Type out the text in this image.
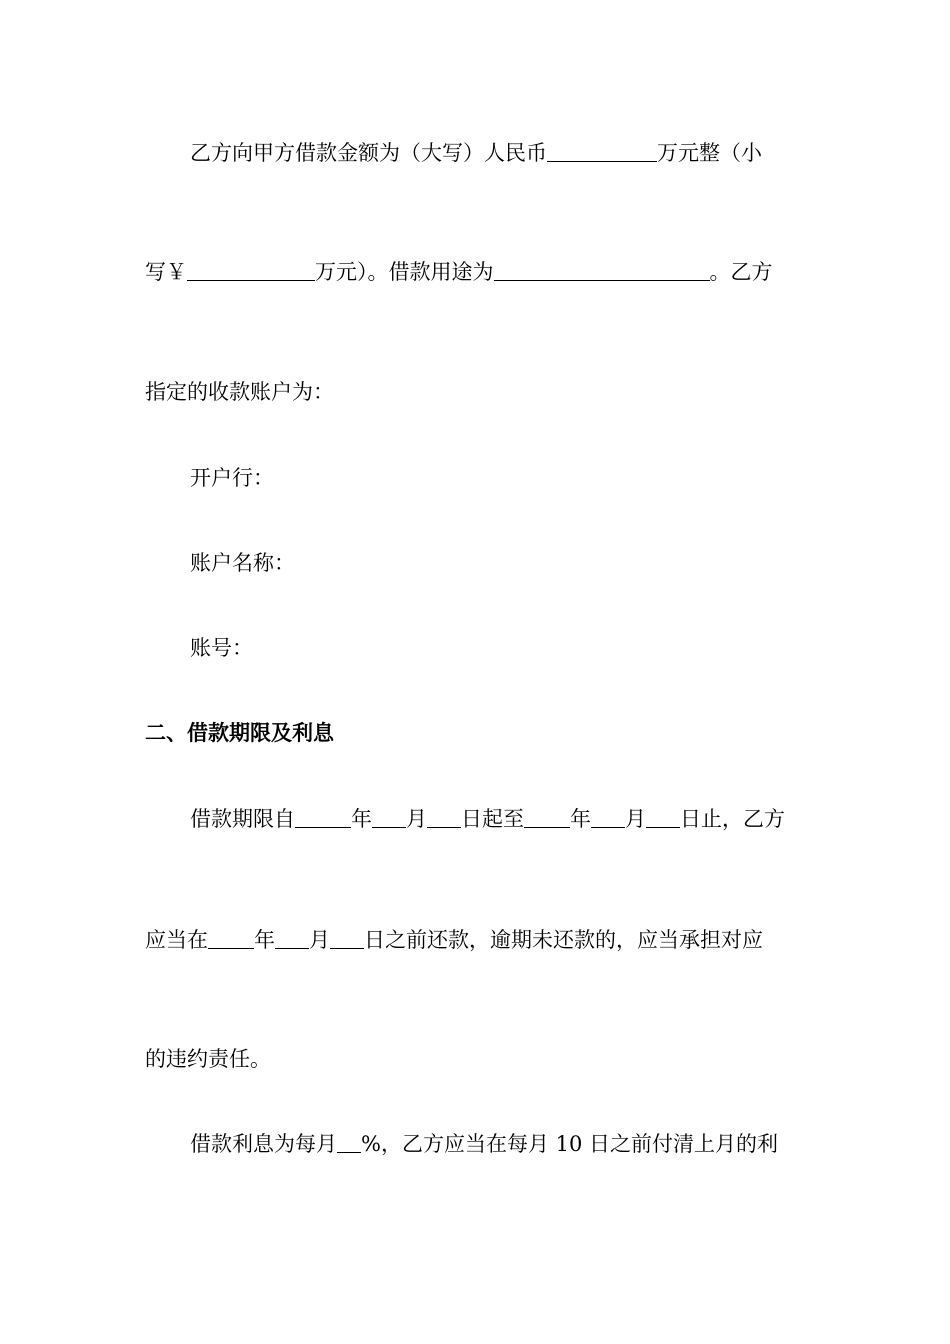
乙方向甲方借款金额为（大写）人民币	万元整（小
写￥	万元）。借款用途为	。乙方
指定的收款账户为：
开户行：
账户名称：
账号：
二、借款期限及利息
借款期限自	年 月 日起至 年 月 日止，乙方
应当在 年 月 日之前还款，逾期未还款的，应当承担对应
的违约责任。
借款利息为每月 %，乙方应当在每月 10 日之前付清上月的利
